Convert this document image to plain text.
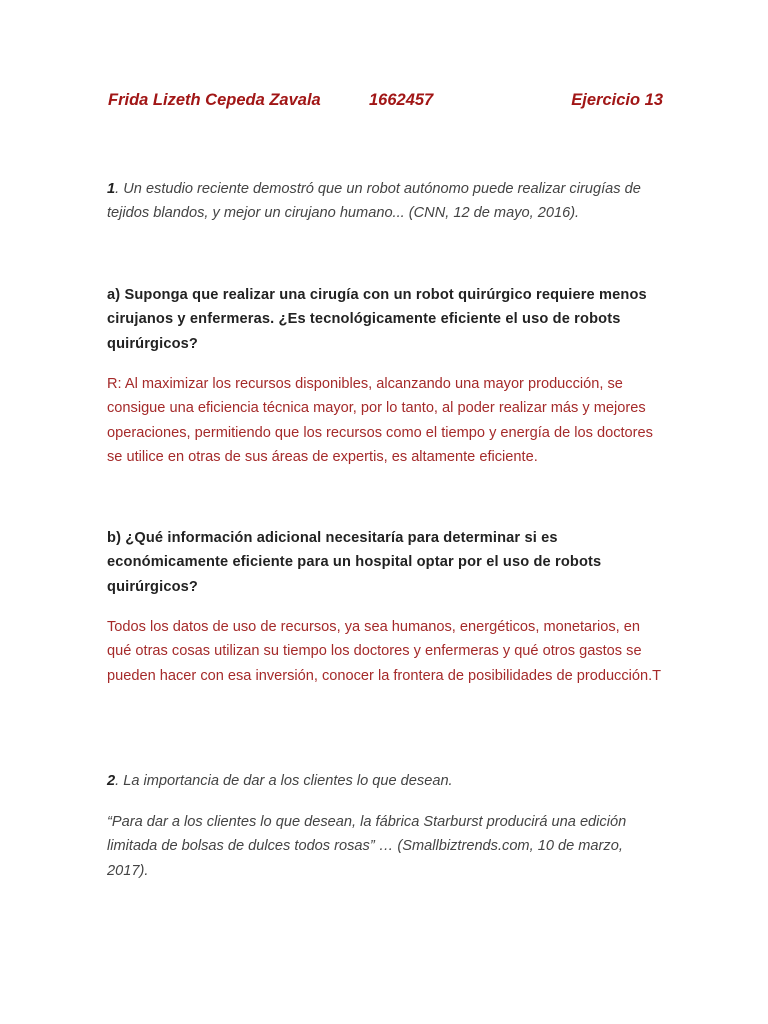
Frida Lizeth Cepeda Zavala	1662457	Ejercicio 13
1. Un estudio reciente demostró que un robot autónomo puede realizar cirugías de tejidos blandos, y mejor un cirujano humano... (CNN, 12 de mayo, 2016).
a) Suponga que realizar una cirugía con un robot quirúrgico requiere menos cirujanos y enfermeras. ¿Es tecnológicamente eficiente el uso de robots quirúrgicos?
R: Al maximizar los recursos disponibles, alcanzando una mayor producción, se consigue una eficiencia técnica mayor, por lo tanto, al poder realizar más y mejores operaciones, permitiendo que los recursos como el tiempo y energía de los doctores se utilice en otras de sus áreas de expertis, es altamente eficiente.
b) ¿Qué información adicional necesitaría para determinar si es económicamente eficiente para un hospital optar por el uso de robots quirúrgicos?
Todos los datos de uso de recursos, ya sea humanos, energéticos, monetarios, en qué otras cosas utilizan su tiempo los doctores y enfermeras y qué otros gastos se pueden hacer con esa inversión, conocer la frontera de posibilidades de producción.T
2. La importancia de dar a los clientes lo que desean.
“Para dar a los clientes lo que desean, la fábrica Starburst producirá una edición limitada de bolsas de dulces todos rosas” … (Smallbiztrends.com, 10 de marzo, 2017).
